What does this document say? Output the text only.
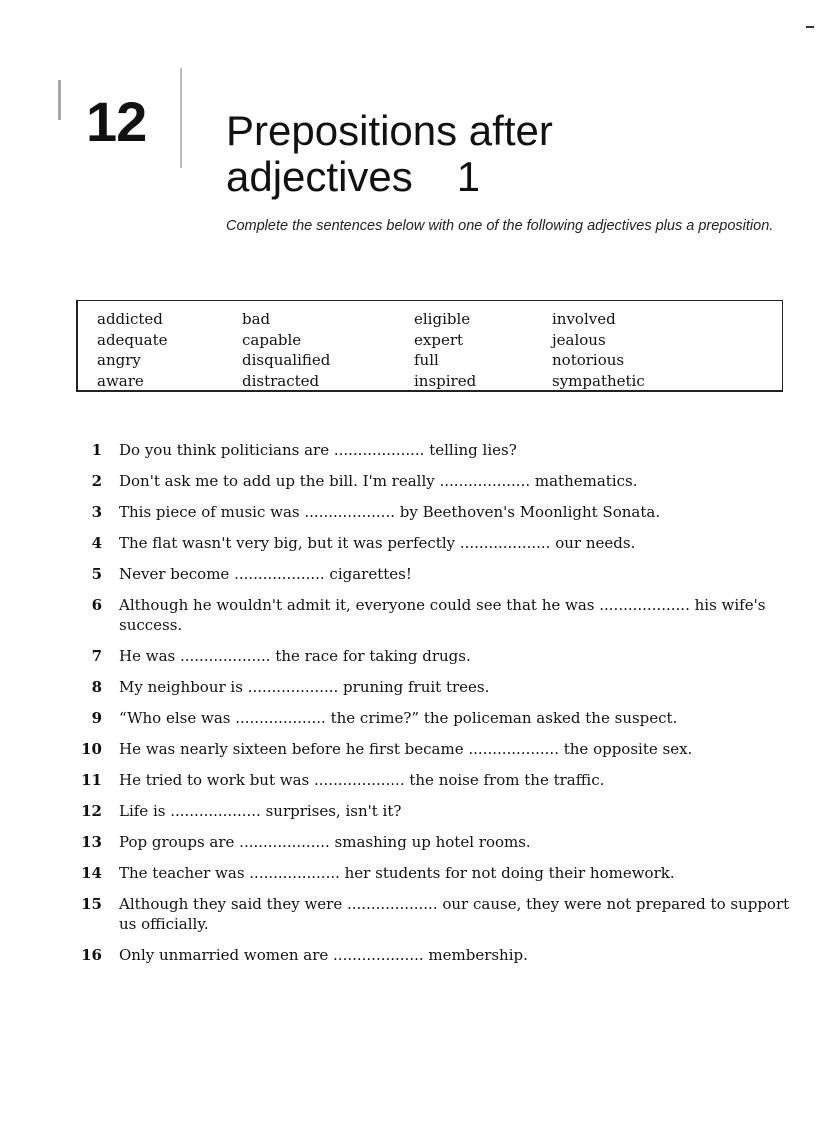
12 Prepositions after
adjectives 1
Complete the sentences below with one of the following adjectives plus a preposition.
addicted
adequate
angry
aware
bad
capable
disqualified
distracted
eligible
expert
full
inspired
involved
jealous
notorious
sympathetic
1 Do you think politicians are ................... telling lies?
2 Don't ask me to add up the bill. I'm really ................... mathematics.
3 This piece of music was ................... by Beethoven's Moonlight Sonata.
4 The flat wasn't very big, but it was perfectly ................... our needs.
5 Never become ................... cigarettes!
6 Although he wouldn't admit it, everyone could see that he was ................... his wife's success.
7 He was ................... the race for taking drugs.
8 My neighbour is ................... pruning fruit trees.
9 “Who else was ................... the crime?” the policeman asked the suspect.
10 He was nearly sixteen before he first became ................... the opposite sex.
11 He tried to work but was ................... the noise from the traffic.
12 Life is ................... surprises, isn't it?
13 Pop groups are ................... smashing up hotel rooms.
14 The teacher was ................... her students for not doing their homework.
15 Although they said they were ................... our cause, they were not prepared to support us officially.
16 Only unmarried women are ................... membership.
